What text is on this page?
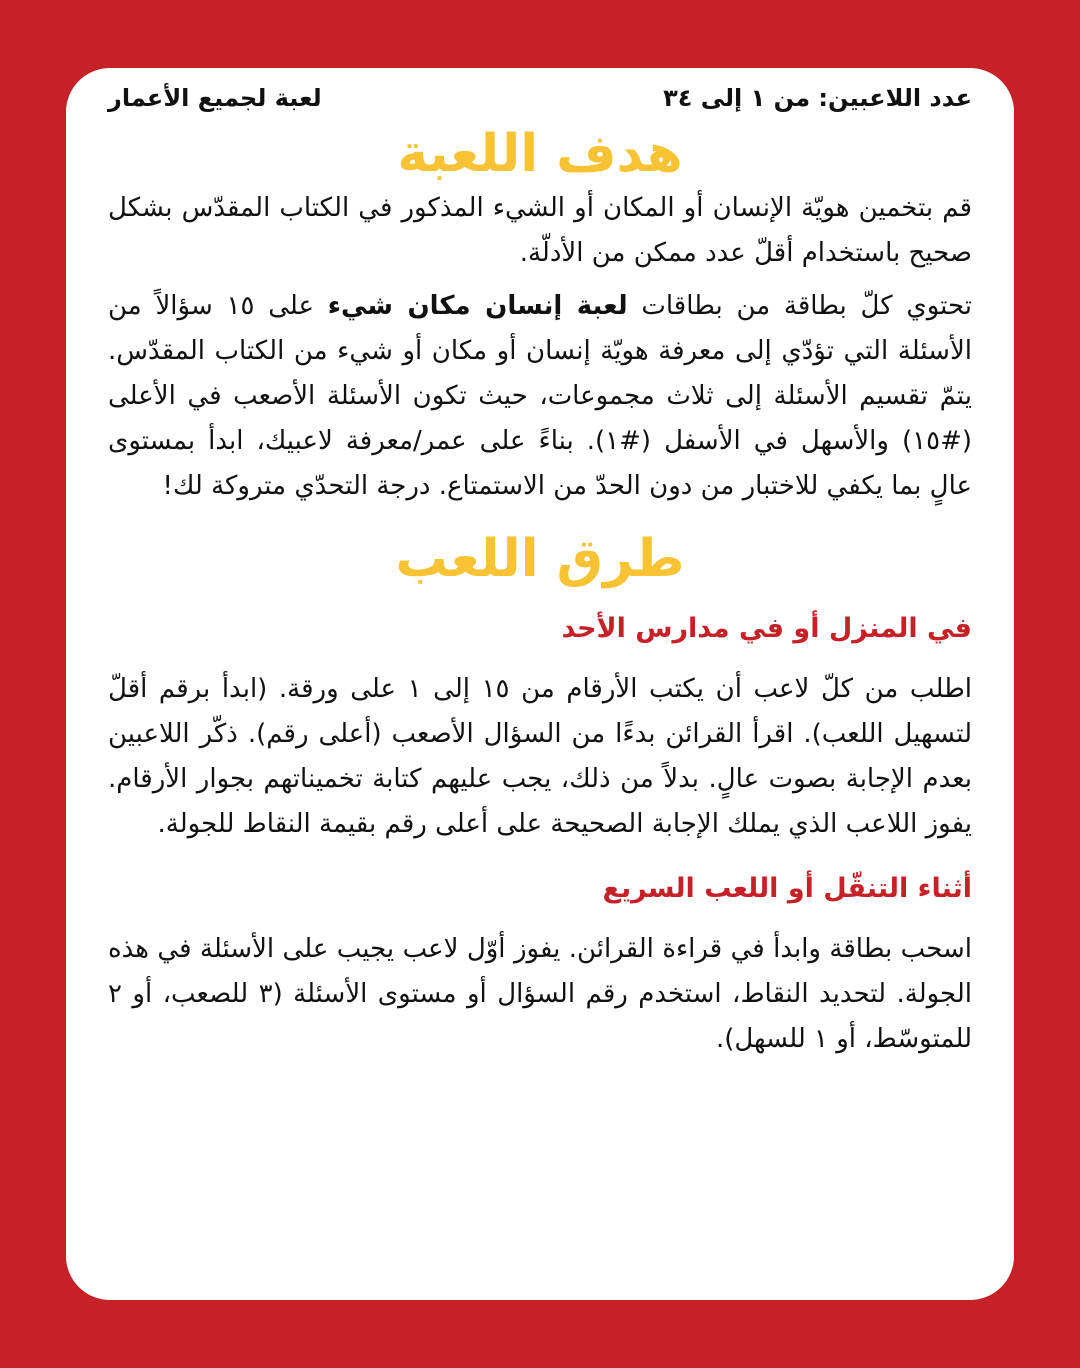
عدد اللاعبين: من ١ إلى ٣٤
لعبة لجميع الأعمار
هدف اللعبة

قم بتخمين هويّة الإنسان أو المكان أو الشيء المذكور في الكتاب المقدّس بشكل صحيح باستخدام أقلّ عدد ممكن من الأدلّة.

تحتوي كلّ بطاقة من بطاقات لعبة إنسان مكان شيء على ١٥ سؤالاً من الأسئلة التي تؤدّي إلى معرفة هويّة إنسان أو مكان أو شيء من الكتاب المقدّس. يتمّ تقسيم الأسئلة إلى ثلاث مجموعات، حيث تكون الأسئلة الأصعب في الأعلى (#١٥) والأسهل في الأسفل (#١). بناءً على عمر/معرفة لاعبيك، ابدأ بمستوى عالٍ بما يكفي للاختبار من دون الحدّ من الاستمتاع. درجة التحدّي متروكة لك!

طرق اللعب
في المنزل أو في مدارس الأحد

اطلب من كلّ لاعب أن يكتب الأرقام من ١٥ إلى ١ على ورقة. (ابدأ برقم أقلّ لتسهيل اللعب). اقرأ القرائن بدءًا من السؤال الأصعب (أعلى رقم). ذكّر اللاعبين بعدم الإجابة بصوت عالٍ. بدلاً من ذلك، يجب عليهم كتابة تخميناتهم بجوار الأرقام. يفوز اللاعب الذي يملك الإجابة الصحيحة على أعلى رقم بقيمة النقاط للجولة.

أثناء التنقّل أو اللعب السريع

اسحب بطاقة وابدأ في قراءة القرائن. يفوز أوّل لاعب يجيب على الأسئلة في هذه الجولة. لتحديد النقاط، استخدم رقم السؤال أو مستوى الأسئلة (٣ للصعب، أو ٢ للمتوسّط، أو ١ للسهل).
